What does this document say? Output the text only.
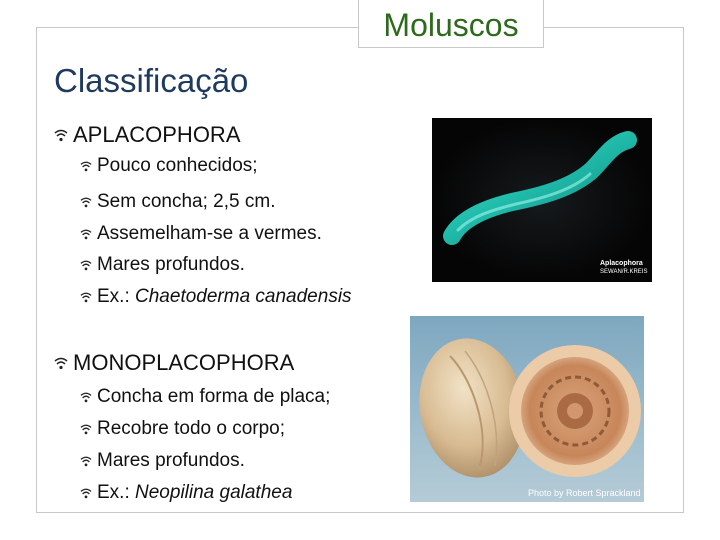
Moluscos
Classificação
APLACOPHORA
Pouco conhecidos;
Sem concha; 2,5 cm.
Assemelham-se a vermes.
Mares profundos.
Ex.: Chaetoderma canadensis
MONOPLACOPHORA
Concha em forma de placa;
Recobre todo o corpo;
Mares profundos.
Ex.: Neopilina galathea
Aplacophora
SEWAN/R.KREIS
Photo by Robert Sprackland
